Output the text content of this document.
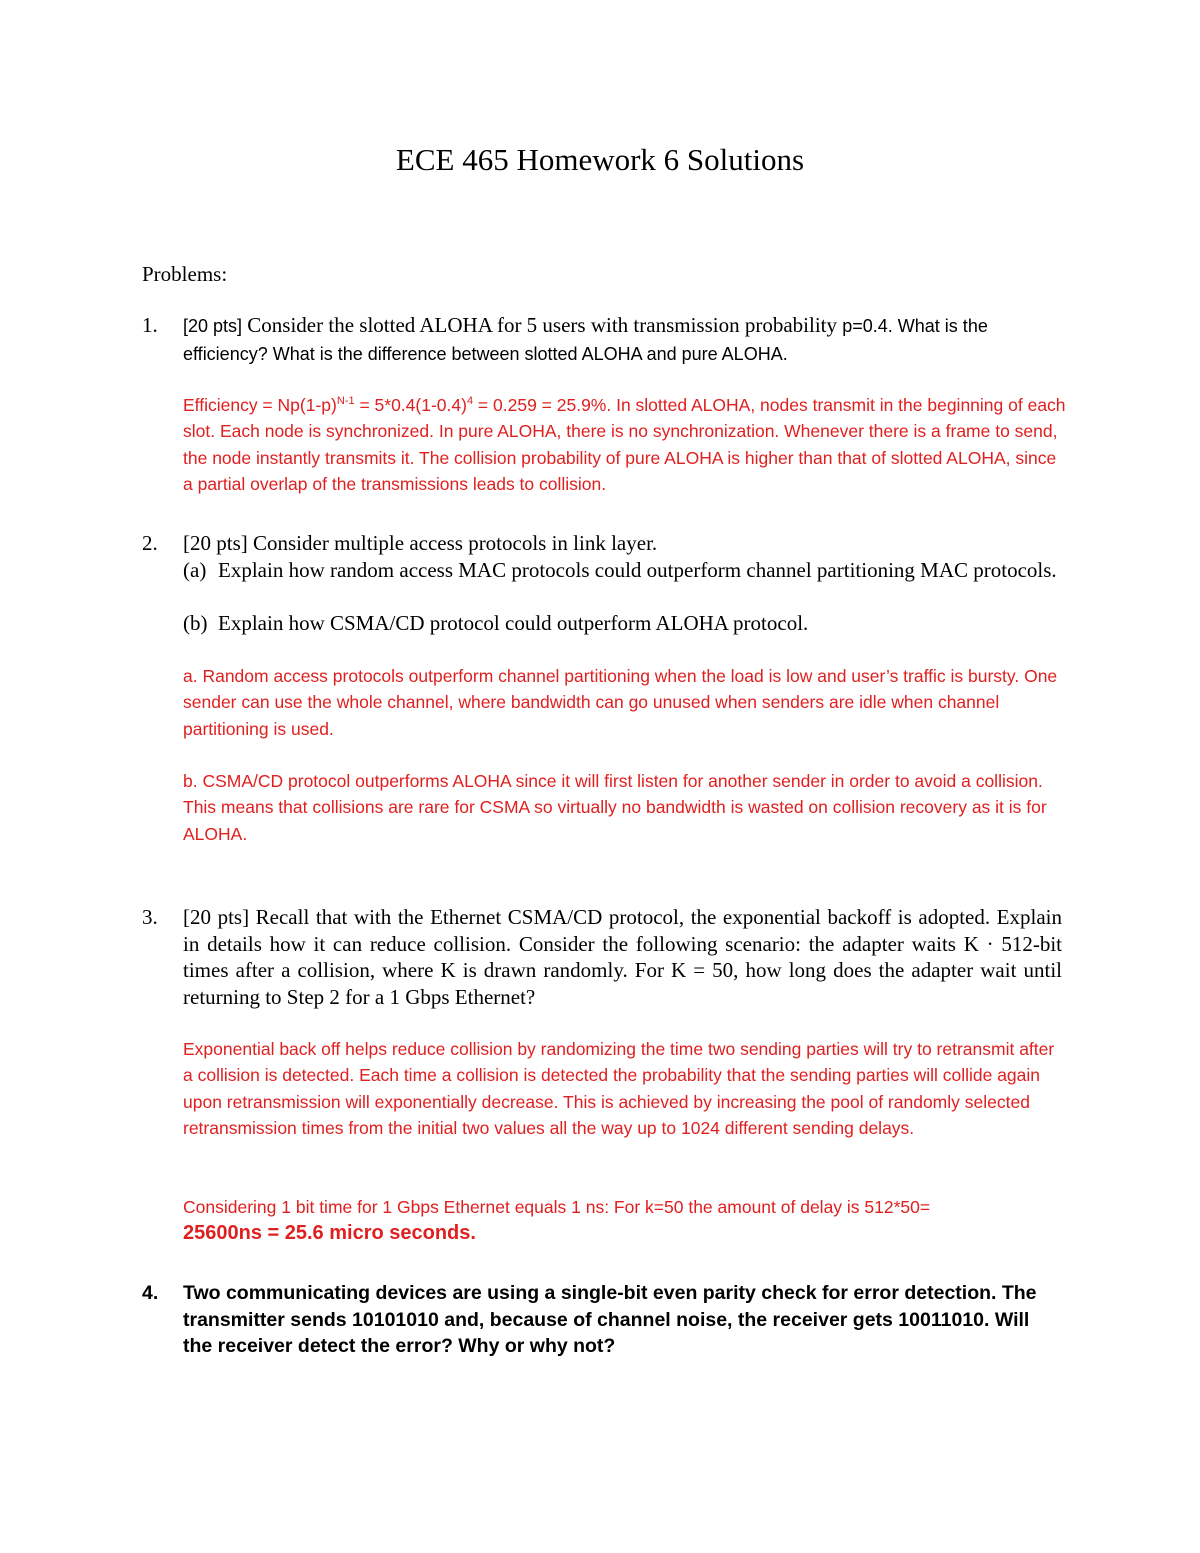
ECE 465 Homework 6 Solutions
Problems:
1. [20 pts] Consider the slotted ALOHA for 5 users with transmission probability p=0.4. What is the efficiency? What is the difference between slotted ALOHA and pure ALOHA.
Efficiency = $Np(1-p)^{N-1} = 5*0.4(1-0.4)^4 = 0.259 = 25.9\%$. In slotted ALOHA, nodes transmit in the beginning of each slot. Each node is synchronized. In pure ALOHA, there is no synchronization. Whenever there is a frame to send, the node instantly transmits it. The collision probability of pure ALOHA is higher than that of slotted ALOHA, since a partial overlap of the transmissions leads to collision.
2. [20 pts] Consider multiple access protocols in link layer.
(a) Explain how random access MAC protocols could outperform channel partitioning MAC protocols.
(b) Explain how CSMA/CD protocol could outperform ALOHA protocol.
a. Random access protocols outperform channel partitioning when the load is low and user’s traffic is bursty. One sender can use the whole channel, where bandwidth can go unused when senders are idle when channel partitioning is used.
b. CSMA/CD protocol outperforms ALOHA since it will first listen for another sender in order to avoid a collision. This means that collisions are rare for CSMA so virtually no bandwidth is wasted on collision recovery as it is for ALOHA.
3. [20 pts] Recall that with the Ethernet CSMA/CD protocol, the exponential backoff is adopted. Explain in details how it can reduce collision. Consider the following scenario: the adapter waits K · 512-bit times after a collision, where K is drawn randomly. For K = 50, how long does the adapter wait until returning to Step 2 for a 1 Gbps Ethernet?
Exponential back off helps reduce collision by randomizing the time two sending parties will try to retransmit after a collision is detected. Each time a collision is detected the probability that the sending parties will collide again upon retransmission will exponentially decrease. This is achieved by increasing the pool of randomly selected retransmission times from the initial two values all the way up to 1024 different sending delays.
Considering 1 bit time for 1 Gbps Ethernet equals 1 ns: For k=50 the amount of delay is 512*50=
25600ns = 25.6 micro seconds.
4. Two communicating devices are using a single-bit even parity check for error detection. The transmitter sends 10101010 and, because of channel noise, the receiver gets 10011010. Will the receiver detect the error? Why or why not?
